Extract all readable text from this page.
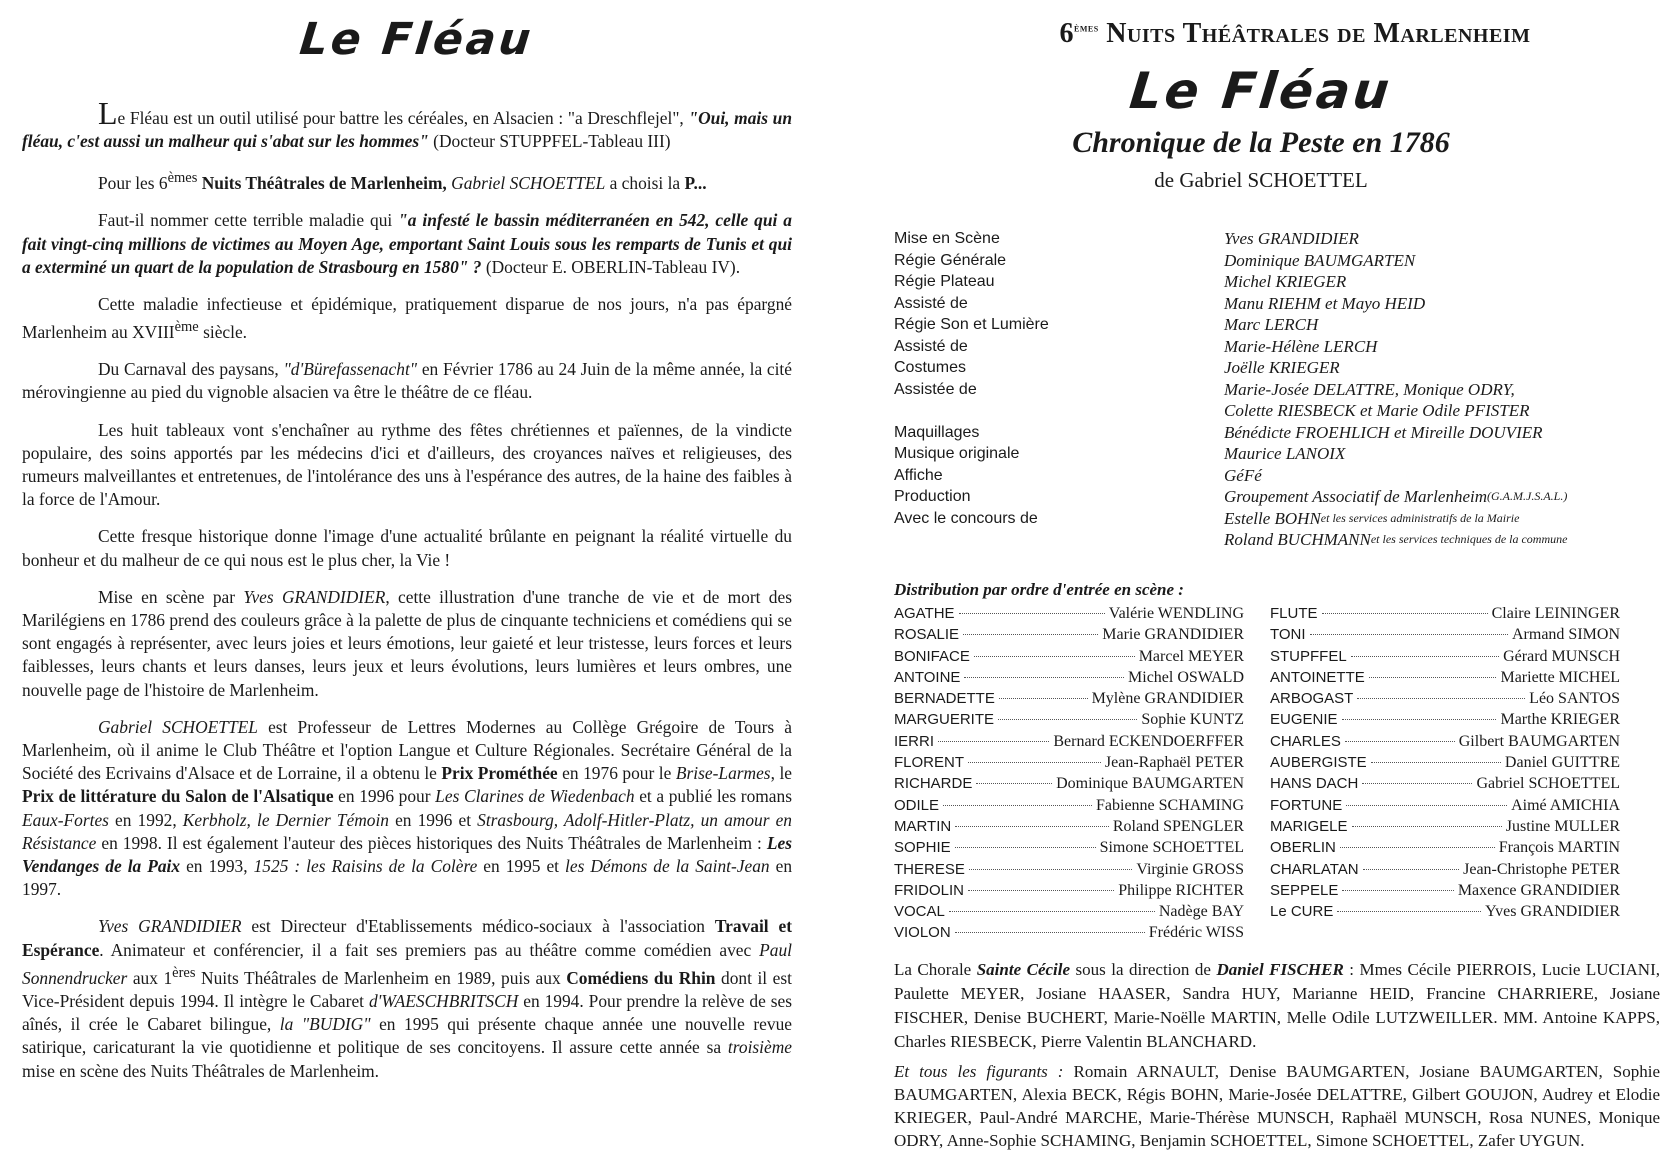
Le Fléau

Le Fléau est un outil utilisé pour battre les céréales, en Alsacien : "a Dreschflejel", "Oui, mais un fléau, c'est aussi un malheur qui s'abat sur les hommes" (Docteur STUPPFEL-Tableau III)

Pour les 6èmes Nuits Théâtrales de Marlenheim, Gabriel SCHOETTEL a choisi la P...

Faut-il nommer cette terrible maladie qui "a infesté le bassin méditerranéen en 542, celle qui a fait vingt-cinq millions de victimes au Moyen Age, emportant Saint Louis sous les remparts de Tunis et qui a exterminé un quart de la population de Strasbourg en 1580" ? (Docteur E. OBERLIN-Tableau IV).

Cette maladie infectieuse et épidémique, pratiquement disparue de nos jours, n'a pas épargné Marlenheim au XVIIIème siècle.

Du Carnaval des paysans, "d'Bürefassenacht" en Février 1786 au 24 Juin de la même année, la cité mérovingienne au pied du vignoble alsacien va être le théâtre de ce fléau.

Les huit tableaux vont s'enchaîner au rythme des fêtes chrétiennes et païennes, de la vindicte populaire, des soins apportés par les médecins d'ici et d'ailleurs, des croyances naïves et religieuses, des rumeurs malveillantes et entretenues, de l'intolérance des uns à l'espérance des autres, de la haine des faibles à la force de l'Amour.

Cette fresque historique donne l'image d'une actualité brûlante en peignant la réalité virtuelle du bonheur et du malheur de ce qui nous est le plus cher, la Vie !

Mise en scène par Yves GRANDIDIER, cette illustration d'une tranche de vie et de mort des Marilégiens en 1786 prend des couleurs grâce à la palette de plus de cinquante techniciens et comédiens qui se sont engagés à représenter, avec leurs joies et leurs émotions, leur gaieté et leur tristesse, leurs forces et leurs faiblesses, leurs chants et leurs danses, leurs jeux et leurs évolutions, leurs lumières et leurs ombres, une nouvelle page de l'histoire de Marlenheim.

Gabriel SCHOETTEL est Professeur de Lettres Modernes au Collège Grégoire de Tours à Marlenheim, où il anime le Club Théâtre et l'option Langue et Culture Régionales. Secrétaire Général de la Société des Ecrivains d'Alsace et de Lorraine, il a obtenu le Prix Prométhée en 1976 pour le Brise-Larmes, le Prix de littérature du Salon de l'Alsatique en 1996 pour Les Clarines de Wiedenbach et a publié les romans Eaux-Fortes en 1992, Kerbholz, le Dernier Témoin en 1996 et Strasbourg, Adolf-Hitler-Platz, un amour en Résistance en 1998. Il est également l'auteur des pièces historiques des Nuits Théâtrales de Marlenheim : Les Vendanges de la Paix en 1993, 1525 : les Raisins de la Colère en 1995 et les Démons de la Saint-Jean en 1997.

Yves GRANDIDIER est Directeur d'Etablissements médico-sociaux à l'association Travail et Espérance. Animateur et conférencier, il a fait ses premiers pas au théâtre comme comédien avec Paul Sonnendrucker aux 1ères Nuits Théâtrales de Marlenheim en 1989, puis aux Comédiens du Rhin dont il est Vice-Président depuis 1994. Il intègre le Cabaret d'WAESCHBRITSCH en 1994. Pour prendre la relève de ses aînés, il crée le Cabaret bilingue, la "BUDIG" en 1995 qui présente chaque année une nouvelle revue satirique, caricaturant la vie quotidienne et politique de ses concitoyens. Il assure cette année sa troisième mise en scène des Nuits Théâtrales de Marlenheim.

6èmes Nuits Théâtrales de Marlenheim
Le Fléau
Chronique de la Peste en 1786
de Gabriel SCHOETTEL
Mise en Scène	Yves GRANDIDIER
Régie Générale	Dominique BAUMGARTEN
Régie Plateau	Michel KRIEGER
Assisté de	Manu RIEHM et Mayo HEID
Régie Son et Lumière	Marc LERCH
Assisté de	Marie-Hélène LERCH
Costumes	Joëlle KRIEGER
Assistée de	Marie-Josée DELATTRE, Monique ODRY,
Colette RIESBECK et Marie Odile PFISTER
Maquillages	Bénédicte FROEHLICH et Mireille DOUVIER
Musique originale	Maurice LANOIX
Affiche	GéFé
Production	Groupement Associatif de Marlenheim (G.A.M.J.S.A.L.)
Avec le concours de	Estelle BOHN et les services administratifs de la Mairie
Roland BUCHMANN et les services techniques de la commune
Distribution par ordre d'entrée en scène :
AGATHE	Valérie WENDLING
ROSALIE	Marie GRANDIDIER
BONIFACE	Marcel MEYER
ANTOINE	Michel OSWALD
BERNADETTE	Mylène GRANDIDIER
MARGUERITE	Sophie KUNTZ
IERRI	Bernard ECKENDOERFFER
FLORENT	Jean-Raphaël PETER
RICHARDE	Dominique BAUMGARTEN
ODILE	Fabienne SCHAMING
MARTIN	Roland SPENGLER
SOPHIE	Simone SCHOETTEL
THERESE	Virginie GROSS
FRIDOLIN	Philippe RICHTER
VOCAL	Nadège BAY
VIOLON	Frédéric WISS
FLUTE	Claire LEININGER
TONI	Armand SIMON
STUPFFEL	Gérard MUNSCH
ANTOINETTE	Mariette MICHEL
ARBOGAST	Léo SANTOS
EUGENIE	Marthe KRIEGER
CHARLES	Gilbert BAUMGARTEN
AUBERGISTE	Daniel GUITTRE
HANS DACH	Gabriel SCHOETTEL
FORTUNE	Aimé AMICHIA
MARIGELE	Justine MULLER
OBERLIN	François MARTIN
CHARLATAN	Jean-Christophe PETER
SEPPELE	Maxence GRANDIDIER
Le CURE	Yves GRANDIDIER
La Chorale Sainte Cécile sous la direction de Daniel FISCHER : Mmes Cécile PIERROIS, Lucie LUCIANI, Paulette MEYER, Josiane HAASER, Sandra HUY, Marianne HEID, Francine CHARRIERE, Josiane FISCHER, Denise BUCHERT, Marie-Noëlle MARTIN, Melle Odile LUTZWEILLER. MM. Antoine KAPPS, Charles RIESBECK, Pierre Valentin BLANCHARD.
Et tous les figurants : Romain ARNAULT, Denise BAUMGARTEN, Josiane BAUMGARTEN, Sophie BAUMGARTEN, Alexia BECK, Régis BOHN, Marie-Josée DELATTRE, Gilbert GOUJON, Audrey et Elodie KRIEGER, Paul-André MARCHE, Marie-Thérèse MUNSCH, Raphaël MUNSCH, Rosa NUNES, Monique ODRY, Anne-Sophie SCHAMING, Benjamin SCHOETTEL, Simone SCHOETTEL, Zafer UYGUN.
